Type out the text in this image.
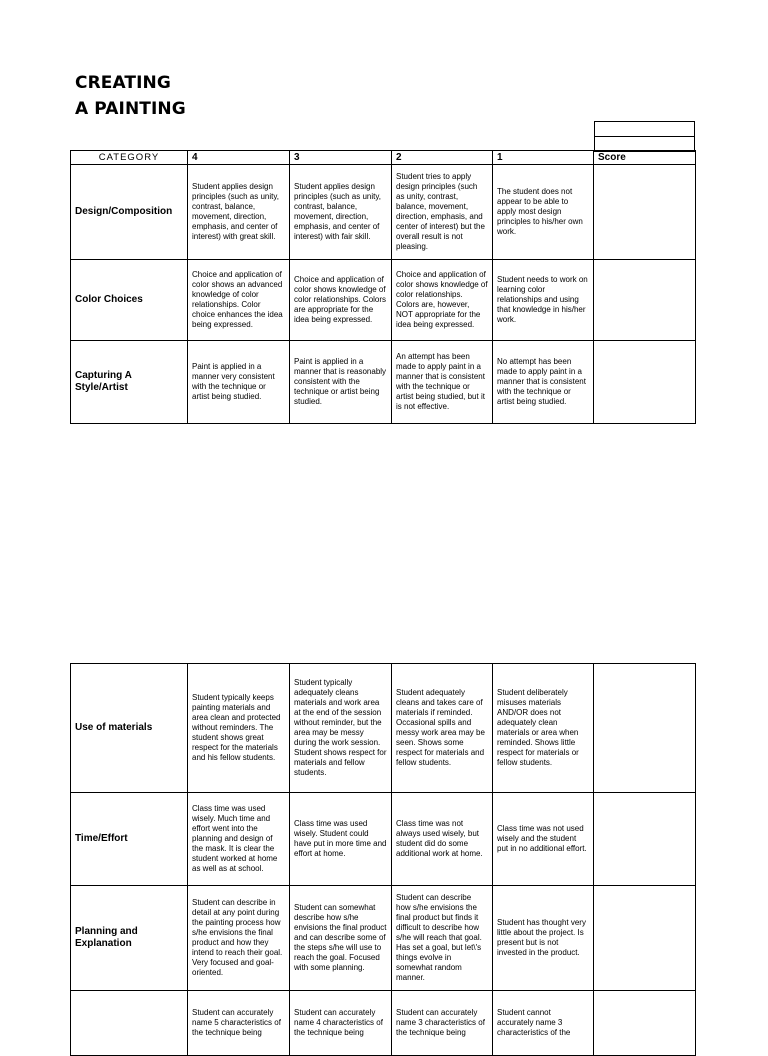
CREATING
A PAINTING

CATEGORY	4	3	2	1	Score
Design/Composition	Student applies design principles (such as unity, contrast, balance, movement, direction, emphasis, and center of interest) with great skill.	Student applies design principles (such as unity, contrast, balance, movement, direction, emphasis, and center of interest) with fair skill.	Student tries to apply design principles (such as unity, contrast, balance, movement, direction, emphasis, and center of interest) but the overall result is not pleasing.	The student does not appear to be able to apply most design principles to his/her own work.	
Color Choices	Choice and application of color shows an advanced knowledge of color relationships. Color choice enhances the idea being expressed.	Choice and application of color shows knowledge of color relationships. Colors are appropriate for the idea being expressed.	Choice and application of color shows knowledge of color relationships. Colors are, however, NOT appropriate for the idea being expressed.	Student needs to work on learning color relationships and using that knowledge in his/her work.	
Capturing A Style/Artist	Paint is applied in a manner very consistent with the technique or artist being studied.	Paint is applied in a manner that is reasonably consistent with the technique or artist being studied.	An attempt has been made to apply paint in a manner that is consistent with the technique or artist being studied, but it is not effective.	No attempt has been made to apply paint in a manner that is consistent with the technique or artist being studied.	
Use of materials	Student typically keeps painting materials and area clean and protected without reminders. The student shows great respect for the materials and his fellow students.	Student typically adequately cleans materials and work area at the end of the session without reminder, but the area may be messy during the work session. Student shows respect for materials and fellow students.	Student adequately cleans and takes care of materials if reminded. Occasional spills and messy work area may be seen. Shows some respect for materials and fellow students.	Student deliberately misuses materials AND/OR does not adequately clean materials or area when reminded. Shows little respect for materials or fellow students.	
Time/Effort	Class time was used wisely. Much time and effort went into the planning and design of the mask. It is clear the student worked at home as well as at school.	Class time was used wisely. Student could have put in more time and effort at home.	Class time was not always used wisely, but student did do some additional work at home.	Class time was not used wisely and the student put in no additional effort.	
Planning and Explanation	Student can describe in detail at any point during the painting process how s/he envisions the final product and how they intend to reach their goal. Very focused and goal-oriented.	Student can somewhat describe how s/he envisions the final product and can describe some of the steps s/he will use to reach the goal. Focused with some planning.	Student can describe how s/he envisions the final product but finds it difficult to describe how s/he will reach that goal. Has set a goal, but let\'s things evolve in somewhat random manner.	Student has thought very little about the project. Is present but is not invested in the product.	
	Student can accurately name 5 characteristics of the technique being	Student can accurately name 4 characteristics of the technique being	Student can accurately name 3 characteristics of the technique being	Student cannot accurately name 3 characteristics of the	
